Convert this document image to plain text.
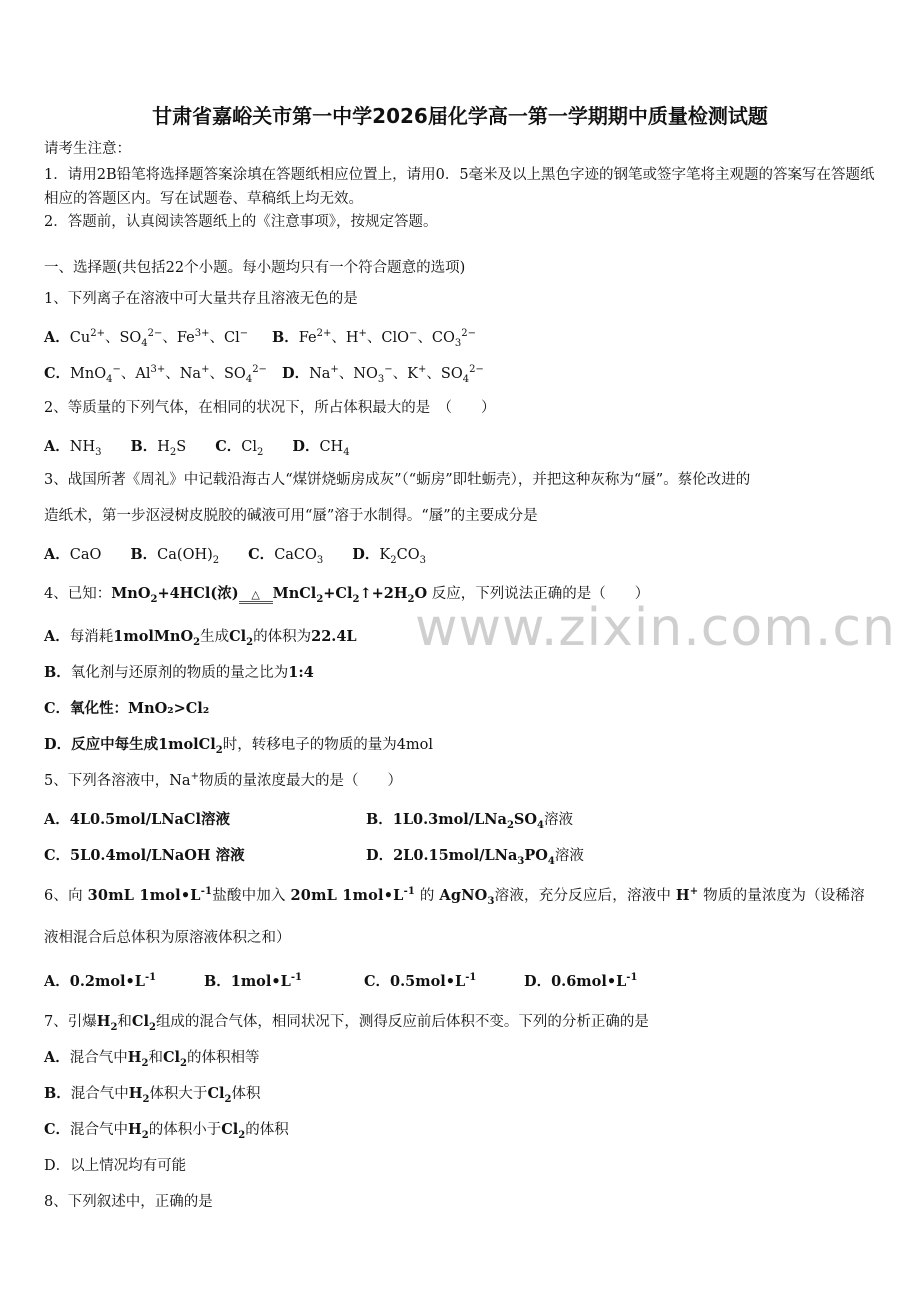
甘肃省嘉峪关市第一中学2026届化学高一第一学期期中质量检测试题
请考生注意：
1．请用2B铅笔将选择题答案涂填在答题纸相应位置上，请用0．5毫米及以上黑色字迹的钢笔或签字笔将主观题的答案写在答题纸相应的答题区内。写在试题卷、草稿纸上均无效。
2．答题前，认真阅读答题纸上的《注意事项》，按规定答题。
一、选择题(共包括22个小题。每小题均只有一个符合题意的选项)
1、下列离子在溶液中可大量共存且溶液无色的是
A．$Cu^{2+}$、$SO_4^{2-}$、$Fe^{3+}$、Cl− B．$Fe^{2+}$、H+、ClO−、$CO_3^{2-}$
C．MnO$_4$−、$Al^{3+}$、Na+、$SO_4^{2-}$ D．Na+、$NO_3^-$、K+、$SO_4^{2-}$
2、等质量的下列气体，在相同的状况下，所占体积最大的是　（　　）
A．$NH_3$　　 B．$H_2S$　　C．$Cl_2$　　 D．$CH_4$
3、战国所著《周礼》中记载沿海古人“煤饼烧蛎房成灰”（“蛎房”即牡蛎壳），并把这种灰称为“蜃”。蔡伦改进的
造纸术，第一步沤浸树皮脱胶的碱液可用“蜃”溶于水制得。“蜃”的主要成分是
A．CaO　　B．$Ca(OH)_2$　　 C．CaCO$_3$　　 D．$K_2CO_3$
4、已知：MnO$_2$+4HCl(浓) △ $MnCl_2+Cl_2↑+2H_2O$ 反应，下列说法正确的是（　　）
A．每消耗1molMnO$_2$生成$Cl_2$的体积为22.4L
B．氧化剂与还原剂的物质的量之比为1:4
C．氧化性：MnO₂>Cl₂
D．反应中每生成1molCl$_2$时，转移电子的物质的量为4mol
5、下列各溶液中，Na+物质的量浓度最大的是（　　）
A．4L0.5mol/LNaCl溶液	B．$1L0.3mol/LNa_2SO_4$溶液
C．5L0.4mol/LNaOH 溶液	D．$2L0.15mol/LNa_3PO_4$溶液
6、向 30mL $1mol•L^{-1}$盐酸中加入 20mL $1mol•L^{-1}$ 的 AgNO$_3$溶液，充分反应后，溶液中 H+ 物质的量浓度为（设稀溶
液相混合后总体积为原溶液体积之和）
A．$0.2mol•L^{-1}$	B．$1mol•L^{-1}$	C．$0.5mol•L^{-1}$	D．$0.6mol•L^{-1}$
7、引爆$H_2$和$Cl_2$组成的混合气体，相同状况下，测得反应前后体积不变。下列的分析正确的是
A．混合气中$H_2$和$Cl_2$的体积相等
B．混合气中$H_2$体积大于$Cl_2$体积
C．混合气中$H_2$的体积小于$Cl_2$的体积
D．以上情况均有可能
8、下列叙述中，正确的是
www.zixin.com.cn
